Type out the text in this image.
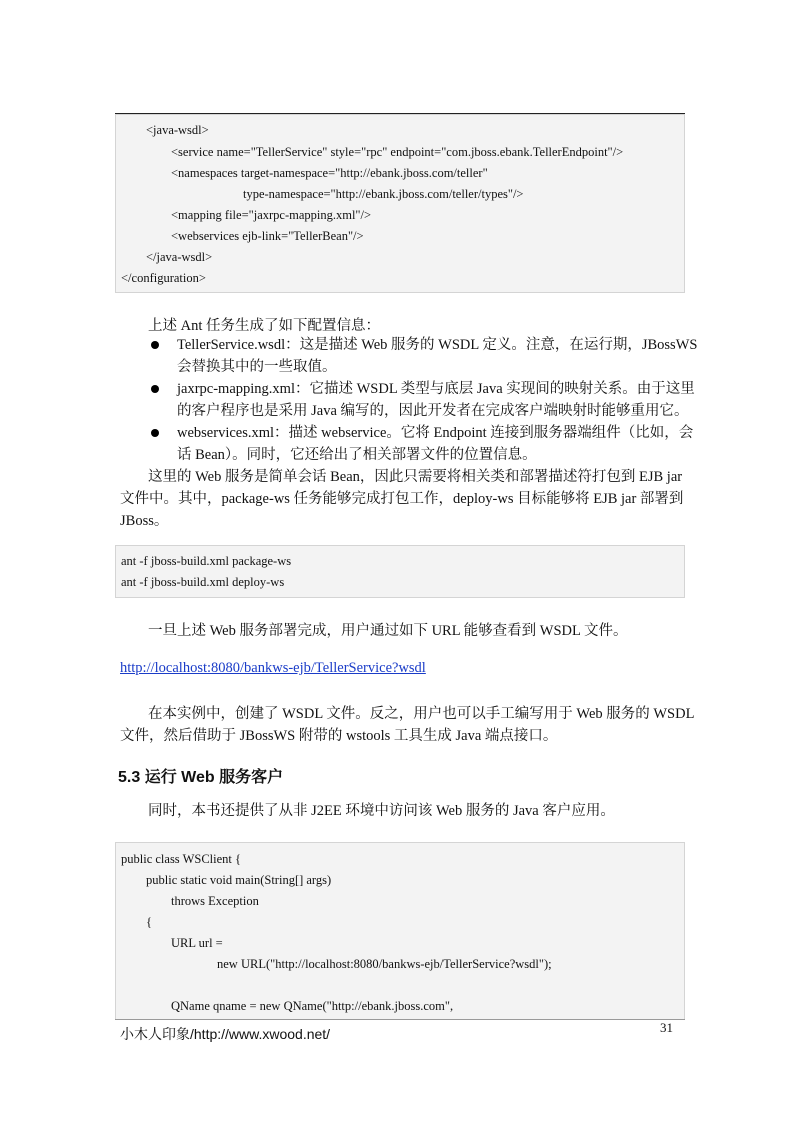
<java-wsdl>
<service name="TellerService" style="rpc" endpoint="com.jboss.ebank.TellerEndpoint"/>
<namespaces target-namespace="http://ebank.jboss.com/teller"
type-namespace="http://ebank.jboss.com/teller/types"/>
<mapping file="jaxrpc-mapping.xml"/>
<webservices ejb-link="TellerBean"/>
</java-wsdl>
</configuration>
上述 Ant 任务生成了如下配置信息：
TellerService.wsdl：这是描述 Web 服务的 WSDL 定义。注意，在运行期，JBossWS
会替换其中的一些取值。
jaxrpc-mapping.xml：它描述 WSDL 类型与底层 Java 实现间的映射关系。由于这里
的客户程序也是采用 Java 编写的，因此开发者在完成客户端映射时能够重用它。
webservices.xml：描述 webservice。它将 Endpoint 连接到服务器端组件（比如，会
话 Bean）。同时，它还给出了相关部署文件的位置信息。
这里的 Web 服务是简单会话 Bean，因此只需要将相关类和部署描述符打包到 EJB jar
文件中。其中，package-ws 任务能够完成打包工作，deploy-ws 目标能够将 EJB jar 部署到
JBoss。
ant -f jboss-build.xml package-ws
ant -f jboss-build.xml deploy-ws
一旦上述 Web 服务部署完成，用户通过如下 URL 能够查看到 WSDL 文件。
http://localhost:8080/bankws-ejb/TellerService?wsdl
在本实例中，创建了 WSDL 文件。反之，用户也可以手工编写用于 Web 服务的 WSDL
文件，然后借助于 JBossWS 附带的 wstools 工具生成 Java 端点接口。
5.3 运行 Web 服务客户
同时，本书还提供了从非 J2EE 环境中访问该 Web 服务的 Java 客户应用。
public class WSClient {
public static void main(String[] args)
throws Exception
{
URL url =
new URL("http://localhost:8080/bankws-ejb/TellerService?wsdl");
QName qname = new QName("http://ebank.jboss.com",
小木人印象/http://www.xwood.net/	31
